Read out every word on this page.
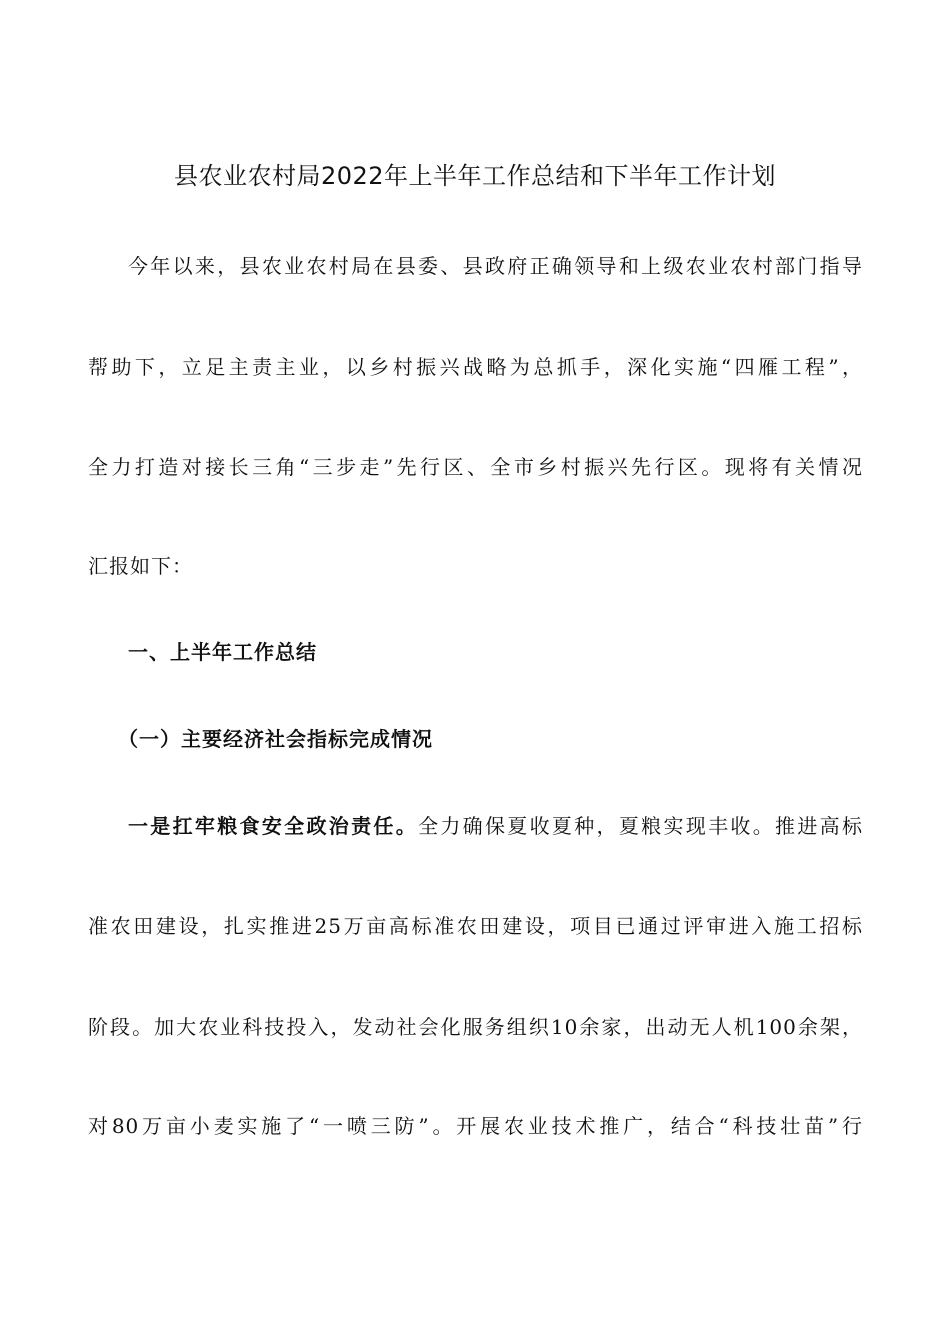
县农业农村局2022年上半年工作总结和下半年工作计划
今年以来，县农业农村局在县委、县政府正确领导和上级农业农村部门指导
帮助下，立足主责主业，以乡村振兴战略为总抓手，深化实施“四雁工程”，
全力打造对接长三角“三步走”先行区、全市乡村振兴先行区。现将有关情况
汇报如下：
一、上半年工作总结
（一）主要经济社会指标完成情况
一是扛牢粮食安全政治责任。全力确保夏收夏种，夏粮实现丰收。推进高标
准农田建设，扎实推进25万亩高标准农田建设，项目已通过评审进入施工招标
阶段。加大农业科技投入，发动社会化服务组织10余家，出动无人机100余架，
对80万亩小麦实施了“一喷三防”。开展农业技术推广，结合“科技壮苗”行
